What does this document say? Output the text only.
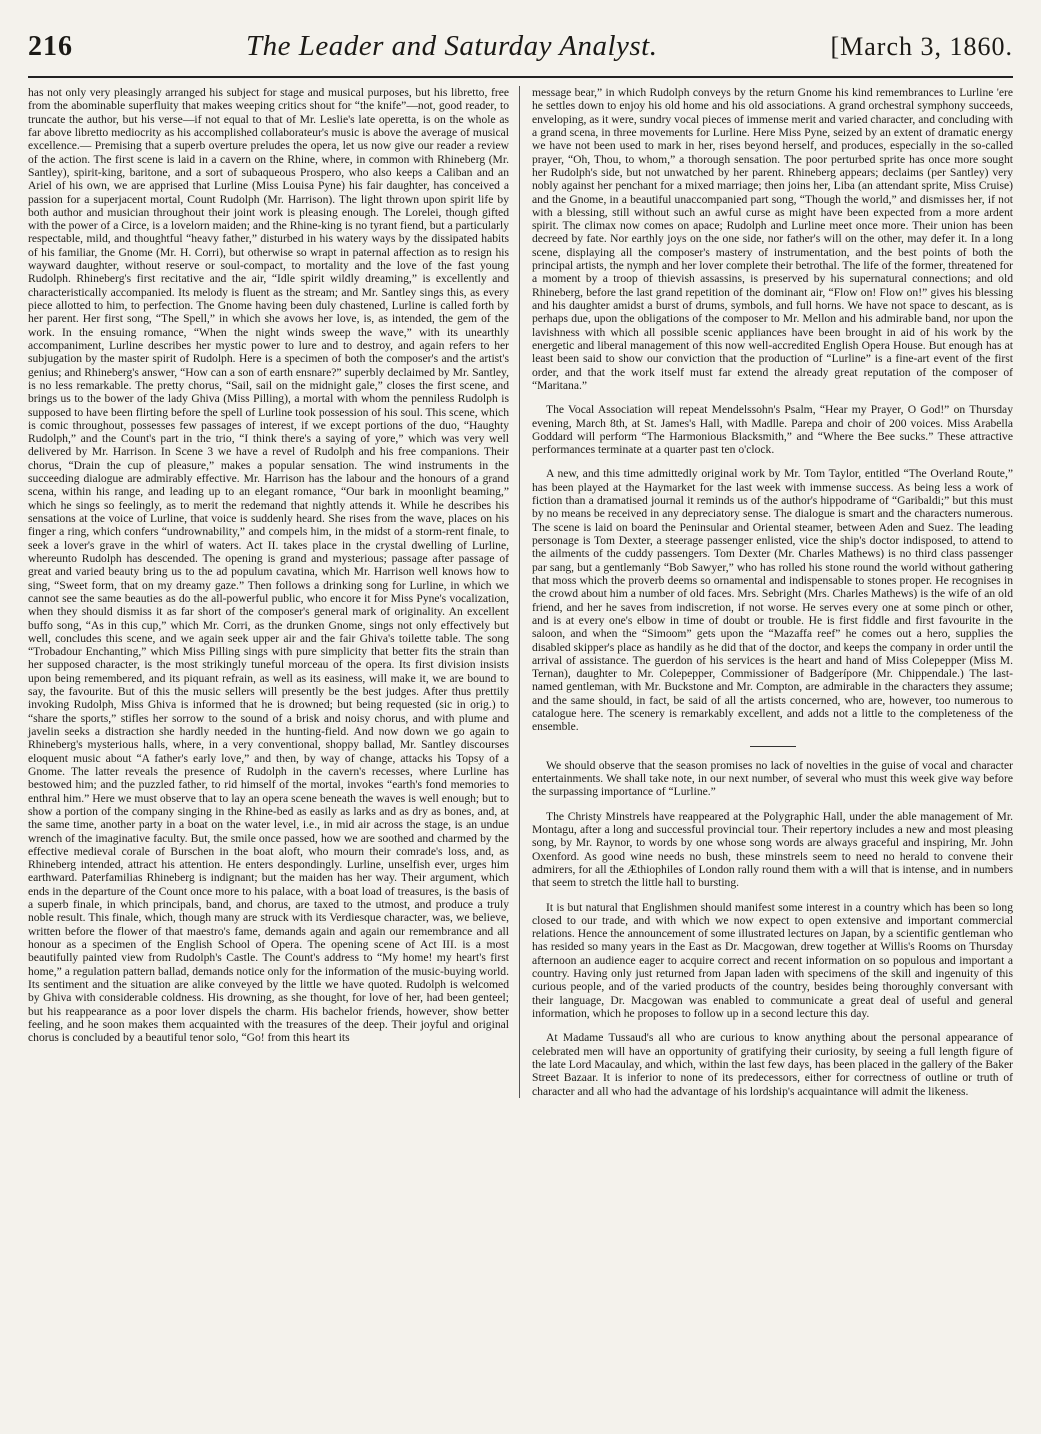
216	The Leader and Saturday Analyst.	[March 3, 1860.

has not only very pleasingly arranged his subject for stage and musical purposes, but his libretto, free from the abominable superfluity that makes weeping critics shout for “the knife”—not, good reader, to truncate the author, but his verse—if not equal to that of Mr. Leslie's late operetta, is on the whole as far above libretto mediocrity as his accomplished collaborateur's music is above the average of musical excellence.— Premising that a superb overture preludes the opera, let us now give our reader a review of the action. The first scene is laid in a cavern on the Rhine, where, in common with Rhineberg (Mr. Santley), spirit-king, baritone, and a sort of subaqueous Prospero, who also keeps a Caliban and an Ariel of his own, we are apprised that Lurline (Miss Louisa Pyne) his fair daughter, has conceived a passion for a superjacent mortal, Count Rudolph (Mr. Harrison). The light thrown upon spirit life by both author and musician throughout their joint work is pleasing enough. The Lorelei, though gifted with the power of a Circe, is a lovelorn maiden; and the Rhine-king is no tyrant fiend, but a particularly respectable, mild, and thoughtful “heavy father,” disturbed in his watery ways by the dissipated habits of his familiar, the Gnome (Mr. H. Corri), but otherwise so wrapt in paternal affection as to resign his wayward daughter, without reserve or soul-compact, to mortality and the love of the fast young Rudolph. Rhineberg's first recitative and the air, “Idle spirit wildly dreaming,” is excellently and characteristically accompanied. Its melody is fluent as the stream; and Mr. Santley sings this, as every piece allotted to him, to perfection. The Gnome having been duly chastened, Lurline is called forth by her parent. Her first song, “The Spell,” in which she avows her love, is, as intended, the gem of the work. In the ensuing romance, “When the night winds sweep the wave,” with its unearthly accompaniment, Lurline describes her mystic power to lure and to destroy, and again refers to her subjugation by the master spirit of Rudolph. Here is a specimen of both the composer's and the artist's genius; and Rhineberg's answer, “How can a son of earth ensnare?” superbly declaimed by Mr. Santley, is no less remarkable. The pretty chorus, “Sail, sail on the midnight gale,” closes the first scene, and brings us to the bower of the lady Ghiva (Miss Pilling), a mortal with whom the penniless Rudolph is supposed to have been flirting before the spell of Lurline took possession of his soul. This scene, which is comic throughout, possesses few passages of interest, if we except portions of the duo, “Haughty Rudolph,” and the Count's part in the trio, “I think there's a saying of yore,” which was very well delivered by Mr. Harrison. In Scene 3 we have a revel of Rudolph and his free companions. Their chorus, “Drain the cup of pleasure,” makes a popular sensation. The wind instruments in the succeeding dialogue are admirably effective. Mr. Harrison has the labour and the honours of a grand scena, within his range, and leading up to an elegant romance, “Our bark in moonlight beaming,” which he sings so feelingly, as to merit the redemand that nightly attends it. While he describes his sensations at the voice of Lurline, that voice is suddenly heard. She rises from the wave, places on his finger a ring, which confers “undrownability,” and compels him, in the midst of a storm-rent finale, to seek a lover's grave in the whirl of waters. Act II. takes place in the crystal dwelling of Lurline, whereunto Rudolph has descended. The opening is grand and mysterious; passage after passage of great and varied beauty bring us to the ad populum cavatina, which Mr. Harrison well knows how to sing, “Sweet form, that on my dreamy gaze.” Then follows a drinking song for Lurline, in which we cannot see the same beauties as do the all-powerful public, who encore it for Miss Pyne's vocalization, when they should dismiss it as far short of the composer's general mark of originality. An excellent buffo song, “As in this cup,” which Mr. Corri, as the drunken Gnome, sings not only effectively but well, concludes this scene, and we again seek upper air and the fair Ghiva's toilette table. The song “Trobadour Enchanting,” which Miss Pilling sings with pure simplicity that better fits the strain than her supposed character, is the most strikingly tuneful morceau of the opera. Its first division insists upon being remembered, and its piquant refrain, as well as its easiness, will make it, we are bound to say, the favourite. But of this the music sellers will presently be the best judges. After thus prettily invoking Rudolph, Miss Ghiva is informed that he is drowned; but being requested (sic in orig.) to “share the sports,” stifles her sorrow to the sound of a brisk and noisy chorus, and with plume and javelin seeks a distraction she hardly needed in the hunting-field. And now down we go again to Rhineberg's mysterious halls, where, in a very conventional, shoppy ballad, Mr. Santley discourses eloquent music about “A father's early love,” and then, by way of change, attacks his Topsy of a Gnome. The latter reveals the presence of Rudolph in the cavern's recesses, where Lurline has bestowed him; and the puzzled father, to rid himself of the mortal, invokes “earth's fond memories to enthral him.” Here we must observe that to lay an opera scene beneath the waves is well enough; but to show a portion of the company singing in the Rhine-bed as easily as larks and as dry as bones, and, at the same time, another party in a boat on the water level, i.e., in mid air across the stage, is an undue wrench of the imaginative faculty. But, the smile once passed, how we are soothed and charmed by the effective medieval corale of Burschen in the boat aloft, who mourn their comrade's loss, and, as Rhineberg intended, attract his attention. He enters despondingly. Lurline, unselfish ever, urges him earthward. Paterfamilias Rhineberg is indignant; but the maiden has her way. Their argument, which ends in the departure of the Count once more to his palace, with a boat load of treasures, is the basis of a superb finale, in which principals, band, and chorus, are taxed to the utmost, and produce a truly noble result. This finale, which, though many are struck with its Verdiesque character, was, we believe, written before the flower of that maestro's fame, demands again and again our remembrance and all honour as a specimen of the English School of Opera. The opening scene of Act III. is a most beautifully painted view from Rudolph's Castle. The Count's address to “My home! my heart's first home,” a regulation pattern ballad, demands notice only for the information of the music-buying world. Its sentiment and the situation are alike conveyed by the little we have quoted. Rudolph is welcomed by Ghiva with considerable coldness. His drowning, as she thought, for love of her, had been genteel; but his reappearance as a poor lover dispels the charm. His bachelor friends, however, show better feeling, and he soon makes them acquainted with the treasures of the deep. Their joyful and original chorus is concluded by a beautiful tenor solo, “Go! from this heart its

message bear,” in which Rudolph conveys by the return Gnome his kind remembrances to Lurline 'ere he settles down to enjoy his old home and his old associations. A grand orchestral symphony succeeds, enveloping, as it were, sundry vocal pieces of immense merit and varied character, and concluding with a grand scena, in three movements for Lurline. Here Miss Pyne, seized by an extent of dramatic energy we have not been used to mark in her, rises beyond herself, and produces, especially in the so-called prayer, “Oh, Thou, to whom,” a thorough sensation. The poor perturbed sprite has once more sought her Rudolph's side, but not unwatched by her parent. Rhineberg appears; declaims (per Santley) very nobly against her penchant for a mixed marriage; then joins her, Liba (an attendant sprite, Miss Cruise) and the Gnome, in a beautiful unaccompanied part song, “Though the world,” and dismisses her, if not with a blessing, still without such an awful curse as might have been expected from a more ardent spirit. The climax now comes on apace; Rudolph and Lurline meet once more. Their union has been decreed by fate. Nor earthly joys on the one side, nor father's will on the other, may defer it. In a long scene, displaying all the composer's mastery of instrumentation, and the best points of both the principal artists, the nymph and her lover complete their betrothal. The life of the former, threatened for a moment by a troop of thievish assassins, is preserved by his supernatural connections; and old Rhineberg, before the last grand repetition of the dominant air, “Flow on! Flow on!” gives his blessing and his daughter amidst a burst of drums, symbols, and full horns. We have not space to descant, as is perhaps due, upon the obligations of the composer to Mr. Mellon and his admirable band, nor upon the lavishness with which all possible scenic appliances have been brought in aid of his work by the energetic and liberal management of this now well-accredited English Opera House. But enough has at least been said to show our conviction that the production of “Lurline” is a fine-art event of the first order, and that the work itself must far extend the already great reputation of the composer of “Maritana.”

The Vocal Association will repeat Mendelssohn's Psalm, “Hear my Prayer, O God!” on Thursday evening, March 8th, at St. James's Hall, with Madlle. Parepa and choir of 200 voices. Miss Arabella Goddard will perform “The Harmonious Blacksmith,” and “Where the Bee sucks.” These attractive performances terminate at a quarter past ten o'clock.

A new, and this time admittedly original work by Mr. Tom Taylor, entitled “The Overland Route,” has been played at the Haymarket for the last week with immense success. As being less a work of fiction than a dramatised journal it reminds us of the author's hippodrame of “Garibaldi;” but this must by no means be received in any depreciatory sense. The dialogue is smart and the characters numerous. The scene is laid on board the Peninsular and Oriental steamer, between Aden and Suez. The leading personage is Tom Dexter, a steerage passenger enlisted, vice the ship's doctor indisposed, to attend to the ailments of the cuddy passengers. Tom Dexter (Mr. Charles Mathews) is no third class passenger par sang, but a gentlemanly “Bob Sawyer,” who has rolled his stone round the world without gathering that moss which the proverb deems so ornamental and indispensable to stones proper. He recognises in the crowd about him a number of old faces. Mrs. Sebright (Mrs. Charles Mathews) is the wife of an old friend, and her he saves from indiscretion, if not worse. He serves every one at some pinch or other, and is at every one's elbow in time of doubt or trouble. He is first fiddle and first favourite in the saloon, and when the “Simoom” gets upon the “Mazaffa reef” he comes out a hero, supplies the disabled skipper's place as handily as he did that of the doctor, and keeps the company in order until the arrival of assistance. The guerdon of his services is the heart and hand of Miss Colepepper (Miss M. Ternan), daughter to Mr. Colepepper, Commissioner of Badgerípore (Mr. Chippendale.) The last-named gentleman, with Mr. Buckstone and Mr. Compton, are admirable in the characters they assume; and the same should, in fact, be said of all the artists concerned, who are, however, too numerous to catalogue here. The scenery is remarkably excellent, and adds not a little to the completeness of the ensemble.

We should observe that the season promises no lack of novelties in the guise of vocal and character entertainments. We shall take note, in our next number, of several who must this week give way before the surpassing importance of “Lurline.”

The Christy Minstrels have reappeared at the Polygraphic Hall, under the able management of Mr. Montagu, after a long and successful provincial tour. Their repertory includes a new and most pleasing song, by Mr. Raynor, to words by one whose song words are always graceful and inspiring, Mr. John Oxenford. As good wine needs no bush, these minstrels seem to need no herald to convene their admirers, for all the Æthiophiles of London rally round them with a will that is intense, and in numbers that seem to stretch the little hall to bursting.

It is but natural that Englishmen should manifest some interest in a country which has been so long closed to our trade, and with which we now expect to open extensive and important commercial relations. Hence the announcement of some illustrated lectures on Japan, by a scientific gentleman who has resided so many years in the East as Dr. Macgowan, drew together at Willis's Rooms on Thursday afternoon an audience eager to acquire correct and recent information on so populous and important a country. Having only just returned from Japan laden with specimens of the skill and ingenuity of this curious people, and of the varied products of the country, besides being thoroughly conversant with their language, Dr. Macgowan was enabled to communicate a great deal of useful and general information, which he proposes to follow up in a second lecture this day.

At Madame Tussaud's all who are curious to know anything about the personal appearance of celebrated men will have an opportunity of gratifying their curiosity, by seeing a full length figure of the late Lord Macaulay, and which, within the last few days, has been placed in the gallery of the Baker Street Bazaar. It is inferior to none of its predecessors, either for correctness of outline or truth of character and all who had the advantage of his lordship's acquaintance will admit the likeness.
